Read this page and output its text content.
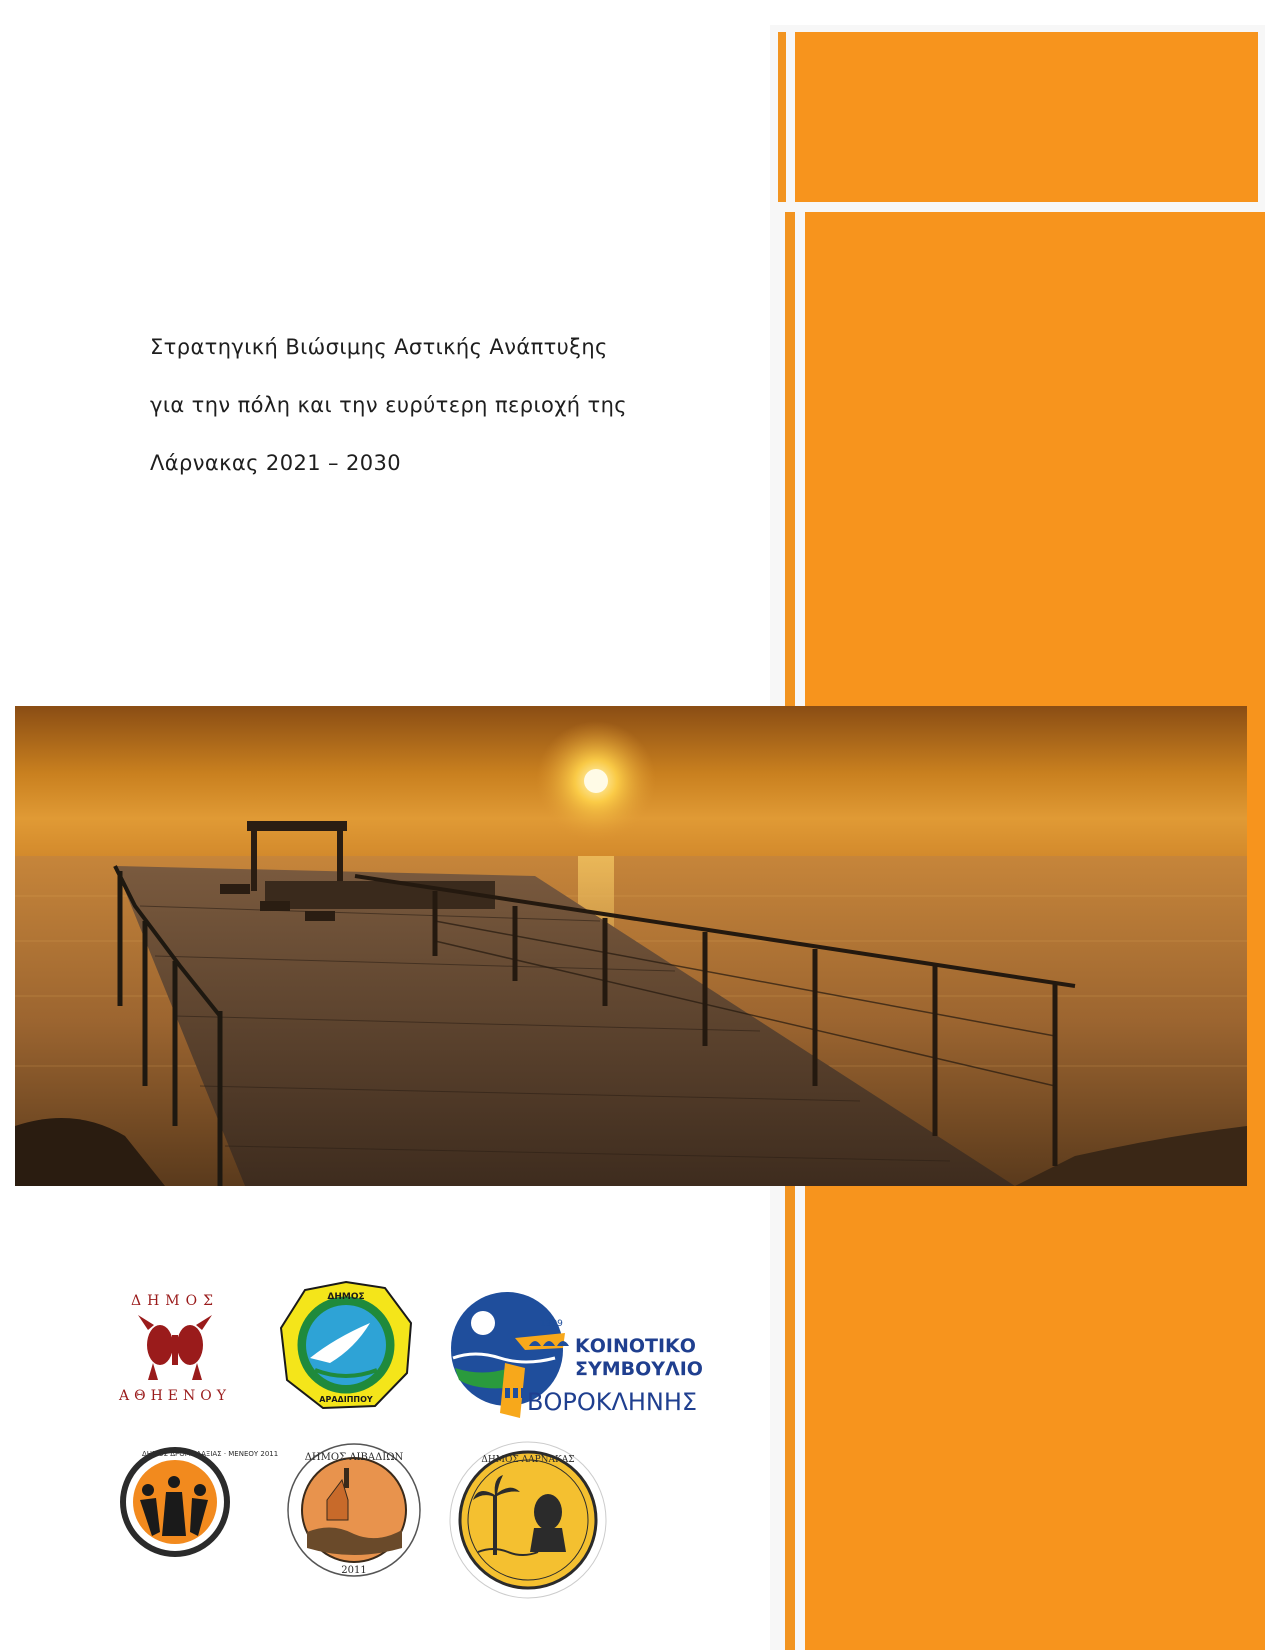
Στρατηγική Βιώσιμης Αστικής Ανάπτυξης
για την πόλη και την ευρύτερη περιοχή της
Λάρνακας 2021 – 2030
ΔΗΜΟΣ
ΑΘΗΕΝΟΥ
ΔΗΜΟΣ
ΑΡΑΔΙΠΠΟΥ
1999
ΚΟΙΝΟΤΙΚΟ
ΣΥΜΒΟΥΛΙΟ
ΒΟΡΟΚΛΗΝΗΣ
ΔΗΜΟΣ ΔΡΟΜΟΛΑΞΙΑΣ · ΜΕΝΕΟΥ 2011	ΔΗΜΟΣ ΛΙΒΑΔΙΩΝ
2011
ΔΗΜΟΣ ΛΑΡΝΑΚΑΣ
